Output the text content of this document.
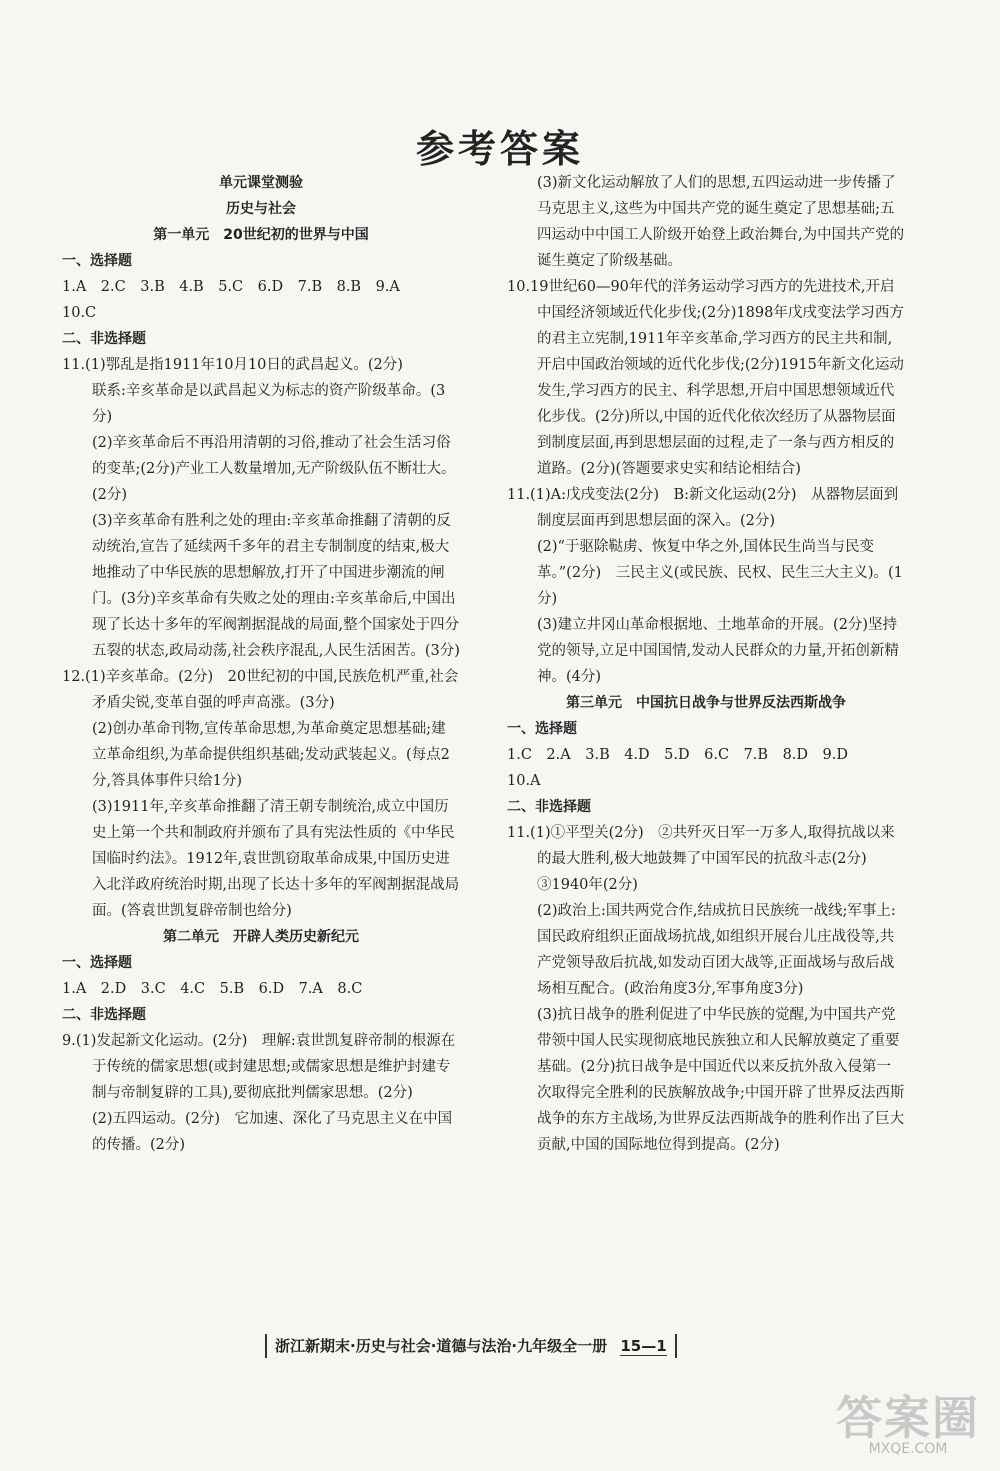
参考答案
单元课堂测验
历史与社会
第一单元　20世纪初的世界与中国
一、选择题
1.A　2.C　3.B　4.B　5.C　6.D　7.B　8.B　9.A
10.C
二、非选择题

11.(1)鄂乱是指1911年10月10日的武昌起义。(2分)

联系:辛亥革命是以武昌起义为标志的资产阶级革命。(3分)

(2)辛亥革命后不再沿用清朝的习俗,推动了社会生活习俗的变革;(2分)产业工人数量增加,无产阶级队伍不断壮大。(2分)

(3)辛亥革命有胜利之处的理由:辛亥革命推翻了清朝的反动统治,宣告了延续两千多年的君主专制制度的结束,极大地推动了中华民族的思想解放,打开了中国进步潮流的闸门。(3分)辛亥革命有失败之处的理由:辛亥革命后,中国出现了长达十多年的军阀割据混战的局面,整个国家处于四分五裂的状态,政局动荡,社会秩序混乱,人民生活困苦。(3分)

12.(1)辛亥革命。(2分)　20世纪初的中国,民族危机严重,社会矛盾尖锐,变革自强的呼声高涨。(3分)

(2)创办革命刊物,宣传革命思想,为革命奠定思想基础;建立革命组织,为革命提供组织基础;发动武装起义。(每点2分,答具体事件只给1分)

(3)1911年,辛亥革命推翻了清王朝专制统治,成立中国历史上第一个共和制政府并颁布了具有宪法性质的《中华民国临时约法》。1912年,袁世凯窃取革命成果,中国历史进入北洋政府统治时期,出现了长达十多年的军阀割据混战局面。(答袁世凯复辟帝制也给分)

第二单元　开辟人类历史新纪元
一、选择题
1.A　2.D　3.C　4.C　5.B　6.D　7.A　8.C
二、非选择题

9.(1)发起新文化运动。(2分)　理解:袁世凯复辟帝制的根源在于传统的儒家思想(或封建思想;或儒家思想是维护封建专制与帝制复辟的工具),要彻底批判儒家思想。(2分)

(2)五四运动。(2分)　它加速、深化了马克思主义在中国的传播。(2分)

(3)新文化运动解放了人们的思想,五四运动进一步传播了马克思主义,这些为中国共产党的诞生奠定了思想基础;五四运动中中国工人阶级开始登上政治舞台,为中国共产党的诞生奠定了阶级基础。

10.19世纪60—90年代的洋务运动学习西方的先进技术,开启中国经济领域近代化步伐;(2分)1898年戊戌变法学习西方的君主立宪制,1911年辛亥革命,学习西方的民主共和制,开启中国政治领域的近代化步伐;(2分)1915年新文化运动发生,学习西方的民主、科学思想,开启中国思想领域近代化步伐。(2分)所以,中国的近代化依次经历了从器物层面到制度层面,再到思想层面的过程,走了一条与西方相反的道路。(2分)(答题要求史实和结论相结合)

11.(1)A:戊戌变法(2分)　B:新文化运动(2分)　从器物层面到制度层面再到思想层面的深入。(2分)

(2)“于驱除鞑虏、恢复中华之外,国体民生尚当与民变革。”(2分)　三民主义(或民族、民权、民生三大主义)。(1分)

(3)建立井冈山革命根据地、土地革命的开展。(2分)坚持党的领导,立足中国国情,发动人民群众的力量,开拓创新精神。(4分)

第三单元　中国抗日战争与世界反法西斯战争
一、选择题
1.C　2.A　3.B　4.D　5.D　6.C　7.B　8.D　9.D
10.A
二、非选择题

11.(1)①平型关(2分)　②共歼灭日军一万多人,取得抗战以来的最大胜利,极大地鼓舞了中国军民的抗敌斗志(2分)　③1940年(2分)

(2)政治上:国共两党合作,结成抗日民族统一战线;军事上:国民政府组织正面战场抗战,如组织开展台儿庄战役等,共产党领导敌后抗战,如发动百团大战等,正面战场与敌后战场相互配合。(政治角度3分,军事角度3分)

(3)抗日战争的胜利促进了中华民族的觉醒,为中国共产党带领中国人民实现彻底地民族独立和人民解放奠定了重要基础。(2分)抗日战争是中国近代以来反抗外敌入侵第一次取得完全胜利的民族解放战争;中国开辟了世界反法西斯战争的东方主战场,为世界反法西斯战争的胜利作出了巨大贡献,中国的国际地位得到提高。(2分)

浙江新期末·历史与社会·道德与法治·九年级全一册 15—1
答案圈
MXQE.COM
